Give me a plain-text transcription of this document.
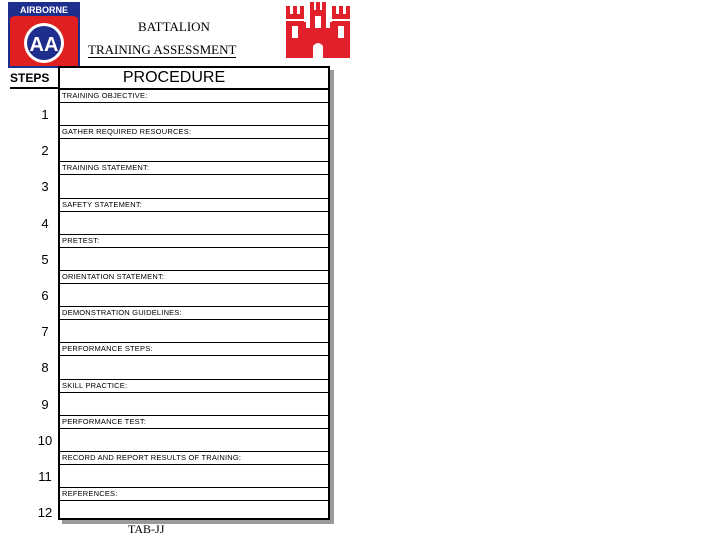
AIRBORNE
AA
BATTALION
TRAINING ASSESSMENT
STEPS	PROCEDURE
TRAINING OBJECTIVE:
1
GATHER REQUIRED RESOURCES:
2
TRAINING STATEMENT:
3
SAFETY STATEMENT:
4
PRETEST:
5
ORIENTATION STATEMENT:
6
DEMONSTRATION GUIDELINES:
7
PERFORMANCE STEPS:
8
SKILL PRACTICE:
9
PERFORMANCE TEST:
10
RECORD AND REPORT RESULTS OF TRAINING:
11
REFERENCES:
12
TAB-JJ
